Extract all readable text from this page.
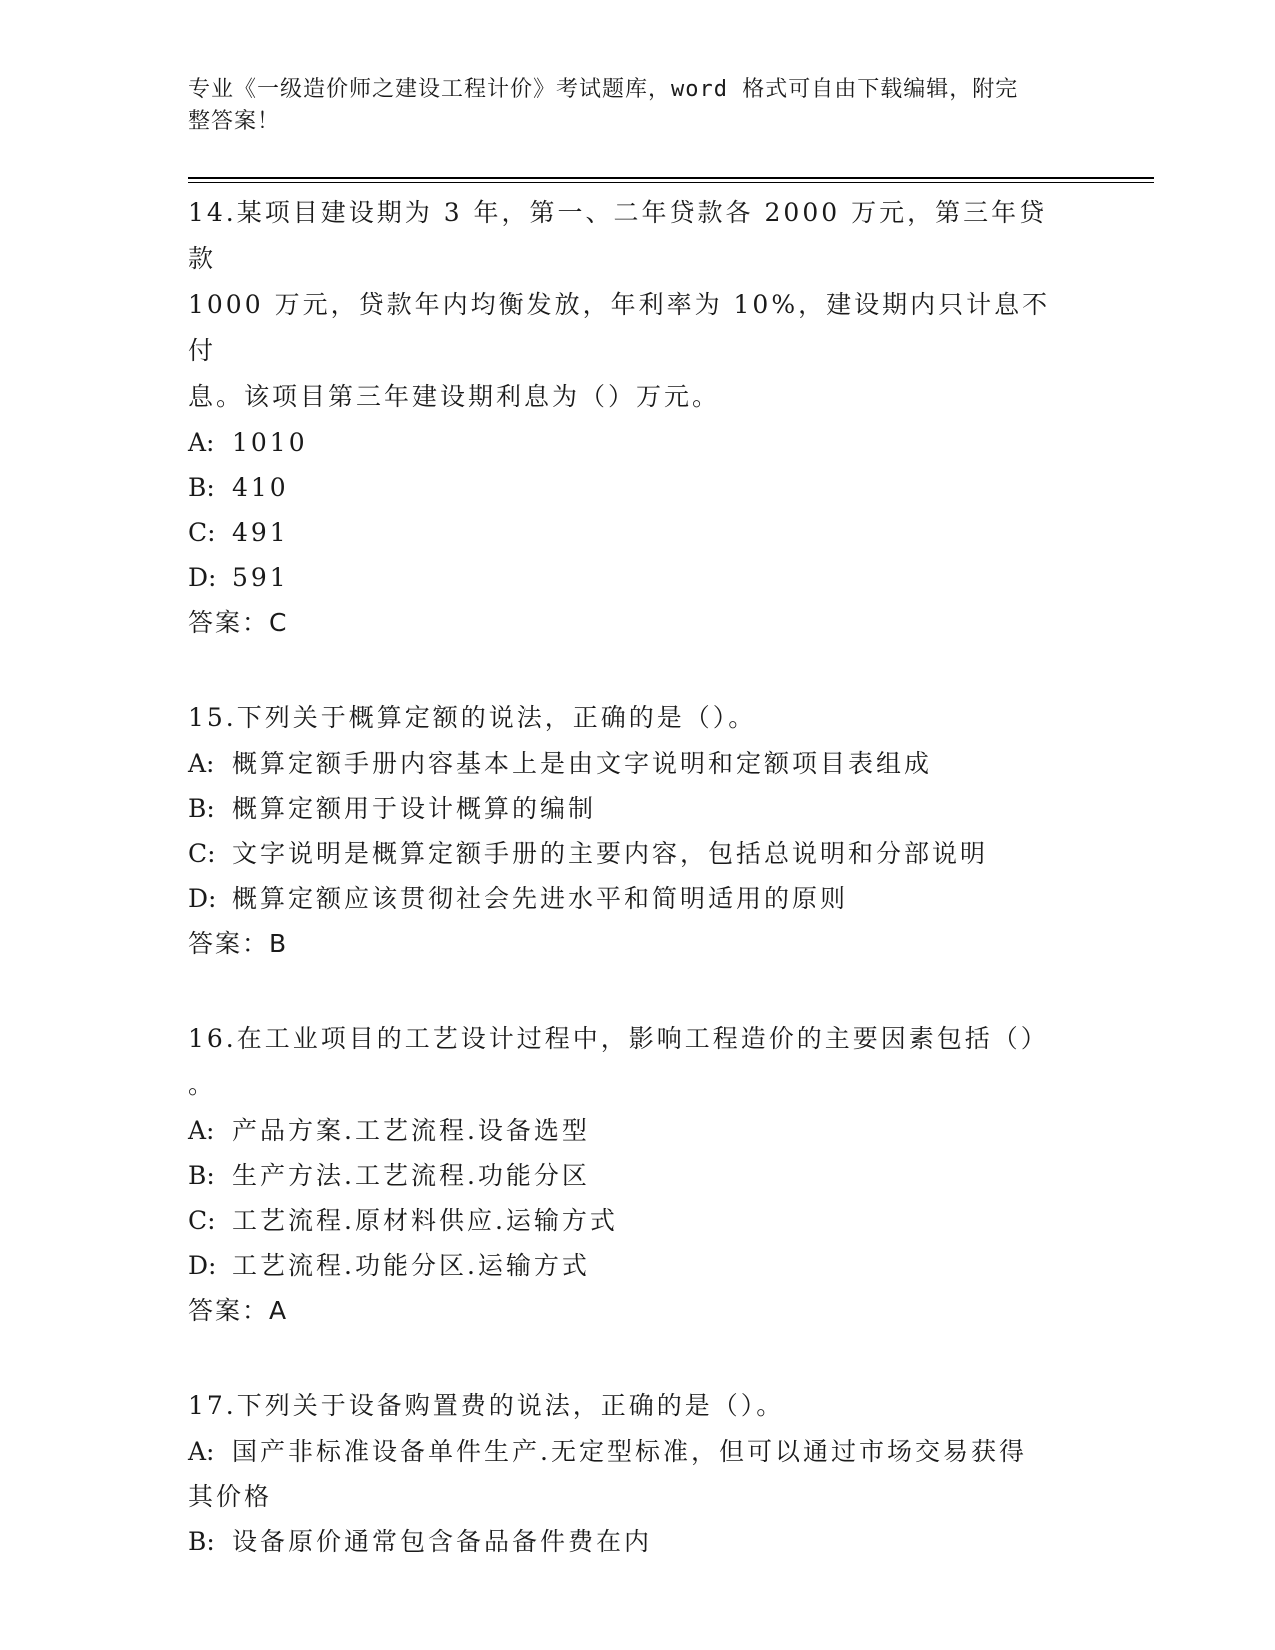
专业《一级造价师之建设工程计价》考试题库，word 格式可自由下载编辑，附完
整答案！

14.某项目建设期为 3 年，第一、二年贷款各 2000 万元，第三年贷款

1000 万元，贷款年内均衡发放，年利率为 10%，建设期内只计息不付

息。该项目第三年建设期利息为（）万元。

A: 1010

B: 410

C: 491

D: 591

答案：C

15.下列关于概算定额的说法，正确的是（）。

A: 概算定额手册内容基本上是由文字说明和定额项目表组成

B: 概算定额用于设计概算的编制

C: 文字说明是概算定额手册的主要内容，包括总说明和分部说明

D: 概算定额应该贯彻社会先进水平和简明适用的原则

答案：B

16.在工业项目的工艺设计过程中，影响工程造价的主要因素包括（）

。

A: 产品方案.工艺流程.设备选型

B: 生产方法.工艺流程.功能分区

C: 工艺流程.原材料供应.运输方式

D: 工艺流程.功能分区.运输方式

答案：A

17.下列关于设备购置费的说法，正确的是（）。

A: 国产非标准设备单件生产.无定型标准，但可以通过市场交易获得

其价格

B: 设备原价通常包含备品备件费在内
